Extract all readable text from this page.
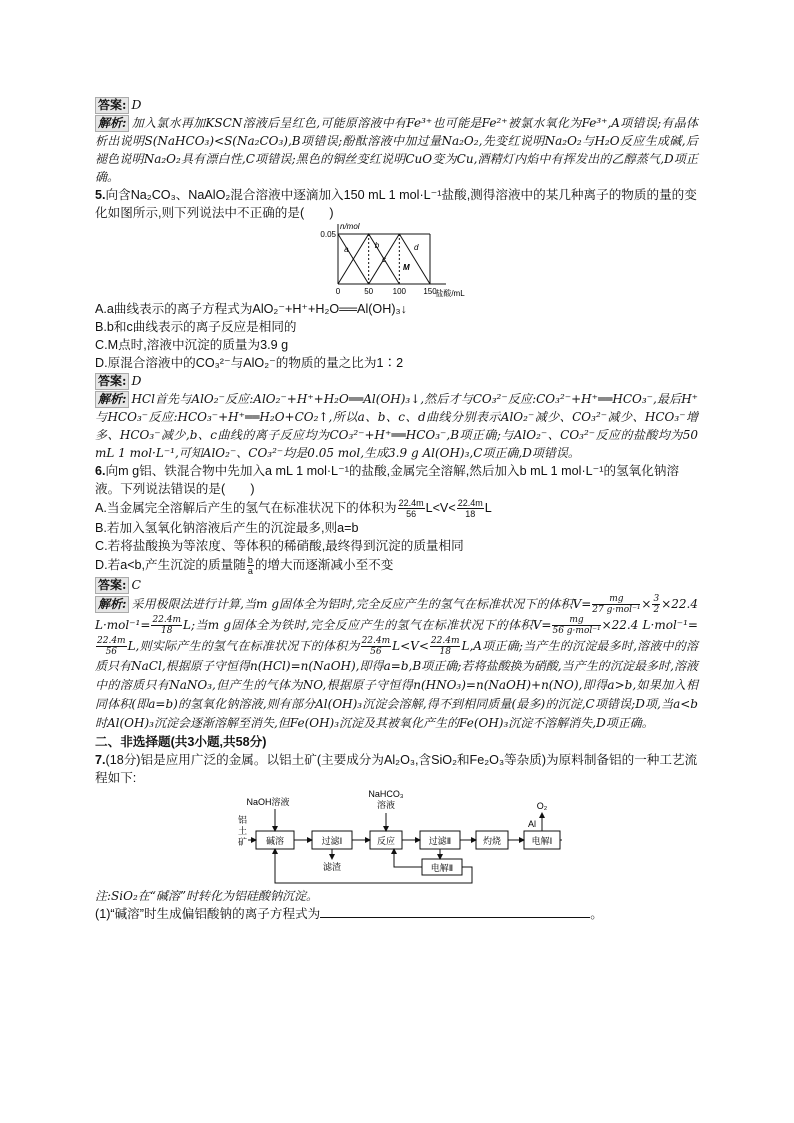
答案: D

解析: 加入氯水再加KSCN溶液后呈红色,可能原溶液中有Fe³⁺也可能是Fe²⁺被氯水氧化为Fe³⁺,A项错误;有晶体析出说明S(NaHCO₃)<S(Na₂CO₃),B项错误;酚酞溶液中加过量Na₂O₂,先变红说明Na₂O₂与H₂O反应生成碱,后褪色说明Na₂O₂具有漂白性,C项错误;黑色的铜丝变红说明CuO变为Cu,酒精灯内焰中有挥发出的乙醇蒸气,D项正确。

5.向含Na₂CO₃、NaAlO₂混合溶液中逐滴加入150 mL 1 mol·L⁻¹盐酸,测得溶液中的某几种离子的物质的量的变化如图所示,则下列说法中不正确的是(　　)

n/mol
盐酸/mL
0.05
0	50 100 150
a	b
c
d
M
A.a曲线表示的离子方程式为AlO₂⁻+H⁺+H₂O══Al(OH)₃↓
B.b和c曲线表示的离子反应是相同的
C.M点时,溶液中沉淀的质量为3.9 g
D.原混合溶液中的CO₃²⁻与AlO₂⁻的物质的量之比为1∶2

答案: D

解析: HCl首先与AlO₂⁻反应:AlO₂⁻+H⁺+H₂O══Al(OH)₃↓,然后才与CO₃²⁻反应:CO₃²⁻+H⁺══HCO₃⁻,最后H⁺与HCO₃⁻反应:HCO₃⁻+H⁺══H₂O+CO₂↑,所以a、b、c、d曲线分别表示AlO₂⁻减少、CO₃²⁻减少、HCO₃⁻增多、HCO₃⁻减少,b、c曲线的离子反应均为CO₃²⁻+H⁺══HCO₃⁻,B项正确;与AlO₂⁻、CO₃²⁻反应的盐酸均为50 mL 1 mol·L⁻¹,可知AlO₂⁻、CO₃²⁻均是0.05 mol,生成3.9 g Al(OH)₃,C项正确,D项错误。

6.向m g铝、铁混合物中先加入a mL 1 mol·L⁻¹的盐酸,金属完全溶解,然后加入b mL 1 mol·L⁻¹的氢氧化钠溶液。下列说法错误的是(　　)

A.当金属完全溶解后产生的氢气在标准状况下的体积为 $\frac{22.4m}{56} L<V< \frac{22.4m}{18}$ L
B.若加入氢氧化钠溶液后产生的沉淀最多,则a=b
C.若将盐酸换为等浓度、等体积的稀硝酸,最终得到沉淀的质量相同
D.若a<b,产生沉淀的质量随 $\frac{b}{a}$ 的增大而逐渐减小至不变

答案: C

解析: 采用极限法进行计算,当m g固体全为铝时,完全反应产生的氢气在标准状况下的体积$V= \frac{mg}{\text{27 g·mol⁻¹}} \times \frac{3}{2} \times 22.4$ $L\cdot mol^{-1}= \frac{22.4m}{18} L$;当m g固体全为铁时,完全反应产生的氢气在标准状况下的体积$V= \frac{mg}{\text{56 g·mol⁻¹}} \times 22.4$ L·mol⁻¹=
$\frac{22.4m}{56} L$,则实际产生的氢气在标准状况下的体积为 $\frac{22.4m}{56} L<V< \frac{22.4m}{18} L,A$项正确;当产生的沉淀最多时,溶液中的溶质只有NaCl,根据原子守恒得n(HCl)=n(NaOH),即得a=b,B项正确;若将盐酸换为硝酸,当产生的沉淀最多时,溶液中的溶质只有NaNO₃,但产生的气体为NO,根据原子守恒得n(HNO₃)=n(NaOH)+n(NO),即得a>b,如果加入相同体积(即a=b)的氢氧化钠溶液,则有部分Al(OH)₃沉淀会溶解,得不到相同质量(最多)的沉淀,C项错误;D项,当a<b时Al(OH)₃沉淀会逐渐溶解至消失,但Fe(OH)₃沉淀及其被氧化产生的Fe(OH)₃沉淀不溶解消失,D项正确。

二、非选择题(共3小题,共58分)

7.(18分)铝是应用广泛的金属。以铝土矿(主要成分为Al₂O₃,含SiO₂和Fe₂O₃等杂质)为原料制备铝的一种工艺流程如下:

铝土矿 碱溶	过滤Ⅰ	反应	过滤Ⅱ	灼烧	电解Ⅰ
电解Ⅱ
NaOH溶液
NaHCO₃ 溶液
滤渣
O₂
Al

注:SiO₂在“碱溶”时转化为铝硅酸钠沉淀。

(1)“碱溶”时生成偏铝酸钠的离子方程式为	。
